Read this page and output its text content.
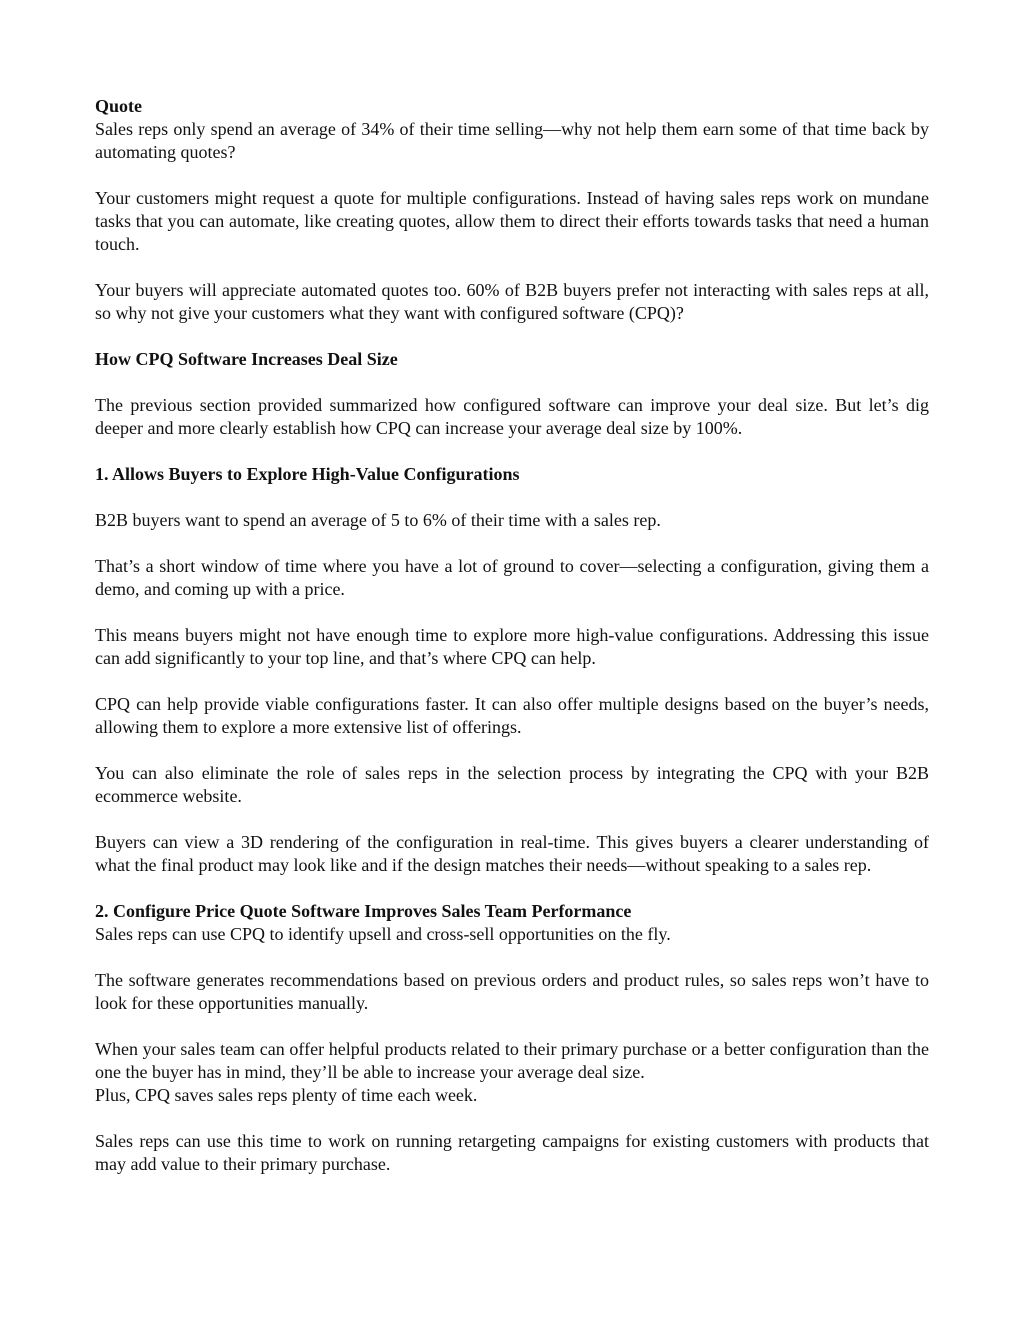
Quote

Sales reps only spend an average of 34% of their time selling—why not help them earn some of that time back by automating quotes?

Your customers might request a quote for multiple configurations. Instead of having sales reps work on mundane tasks that you can automate, like creating quotes, allow them to direct their efforts towards tasks that need a human touch.

Your buyers will appreciate automated quotes too. 60% of B2B buyers prefer not interacting with sales reps at all, so why not give your customers what they want with configured software (CPQ)?

How CPQ Software Increases Deal Size

The previous section provided summarized how configured software can improve your deal size. But let’s dig deeper and more clearly establish how CPQ can increase your average deal size by 100%.

1. Allows Buyers to Explore High-Value Configurations

B2B buyers want to spend an average of 5 to 6% of their time with a sales rep.

That’s a short window of time where you have a lot of ground to cover—selecting a configuration, giving them a demo, and coming up with a price.

This means buyers might not have enough time to explore more high-value configurations. Addressing this issue can add significantly to your top line, and that’s where CPQ can help.

CPQ can help provide viable configurations faster. It can also offer multiple designs based on the buyer’s needs, allowing them to explore a more extensive list of offerings.

You can also eliminate the role of sales reps in the selection process by integrating the CPQ with your B2B ecommerce website.

Buyers can view a 3D rendering of the configuration in real-time. This gives buyers a clearer understanding of what the final product may look like and if the design matches their needs—without speaking to a sales rep.

2. Configure Price Quote Software Improves Sales Team Performance

Sales reps can use CPQ to identify upsell and cross-sell opportunities on the fly.

The software generates recommendations based on previous orders and product rules, so sales reps won’t have to look for these opportunities manually.

When your sales team can offer helpful products related to their primary purchase or a better configuration than the one the buyer has in mind, they’ll be able to increase your average deal size.

Plus, CPQ saves sales reps plenty of time each week.

Sales reps can use this time to work on running retargeting campaigns for existing customers with products that may add value to their primary purchase.
